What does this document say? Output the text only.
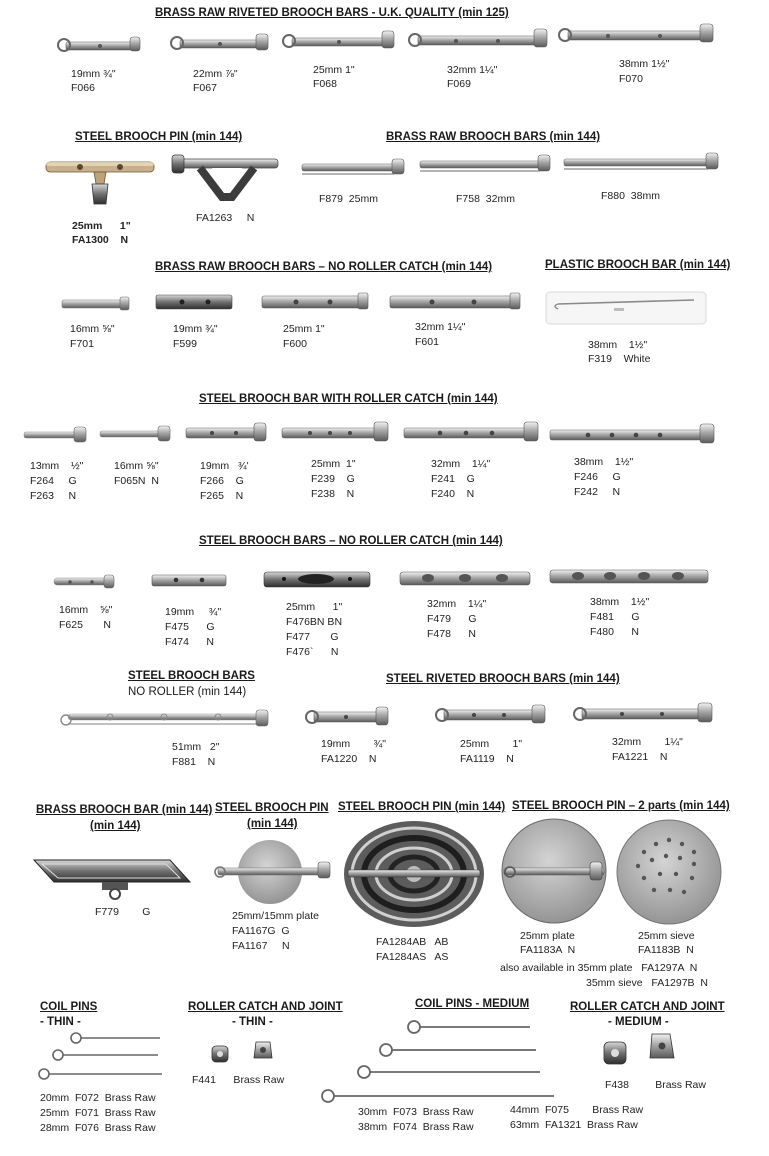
BRASS RAW RIVETED BROOCH BARS - U.K. QUALITY (min 125)
19mm ¾"
F066
22mm ⅞"
F067
25mm 1"
F068
32mm 1¼"
F069
38mm 1½"
F070
STEEL BROOCH PIN (min 144)	BRASS RAW BROOCH BARS (min 144)
25mm      1"
FA1300    N
FA1263     N
F879  25mm	F758  32mm	F880  38mm
BRASS RAW BROOCH BARS – NO ROLLER CATCH (min 144)	PLASTIC BROOCH BAR (min 144)
16mm ⅝"
F701
19mm ¾"
F599
25mm 1"
F600
32mm 1¼"
F601	38mm    1½"
F319    White
STEEL BROOCH BAR WITH ROLLER CATCH (min 144)
13mm    ½"
F264     G
F263     N
16mm ⅝"
F065N  N
19mm   ¾'
F266    G
F265    N
25mm  1"
F239    G
F238    N
32mm    1¼"
F241    G
F240    N
38mm    1½"
F246     G
F242     N
STEEL BROOCH BARS – NO ROLLER CATCH (min 144)
16mm    ⅝"
F625       N
19mm     ¾"
F475      G
F474      N
25mm      1"
F476BN BN
F477       G
F476`      N
32mm    1¼"
F479      G
F478      N
38mm    1½"
F481      G
F480      N
STEEL BROOCH BARS
NO ROLLER (min 144)
STEEL RIVETED BROOCH BARS (min 144)
51mm   2"
F881    N
19mm        ¾"
FA1220    N
25mm        1"
FA1119    N
32mm        1¼"
FA1221    N
BRASS BROOCH BAR (min 144)
(min 144)
STEEL BROOCH PIN
(min 144)
STEEL BROOCH PIN (min 144) STEEL BROOCH PIN – 2 parts (min 144)
F779        G	25mm/15mm plate
FA1167G  G
FA1167     N	FA1284AB   AB
FA1284AS   AS
25mm plate
FA1183A  N
25mm sieve
FA1183B  N
also available in 35mm plate   FA1297A  N
35mm sieve   FA1297B  N
COIL PINS
- THIN -
ROLLER CATCH AND JOINT
- THIN -
COIL PINS - MEDIUM	ROLLER CATCH AND JOINT
- MEDIUM -
20mm  F072  Brass Raw
25mm  F071  Brass Raw
28mm  F076  Brass Raw
F441      Brass Raw
30mm  F073  Brass Raw
38mm  F074  Brass Raw
44mm  F075        Brass Raw
63mm  FA1321  Brass Raw
F438         Brass Raw
